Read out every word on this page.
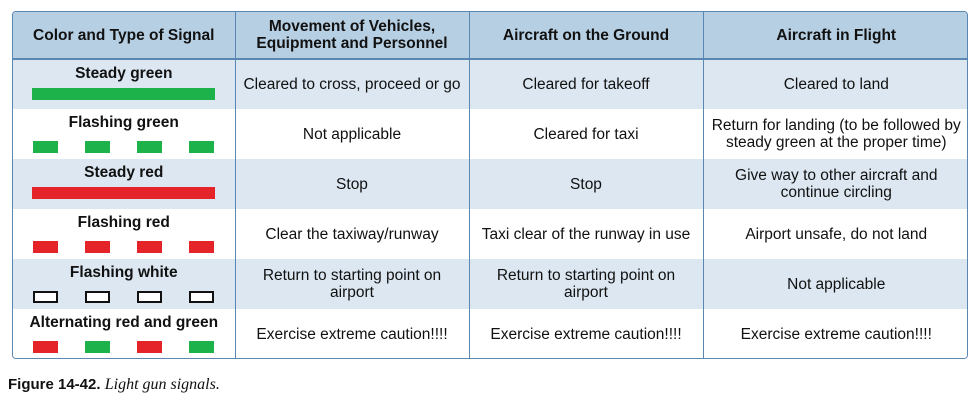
Color and Type of Signal	Movement of Vehicles, Equipment and Personnel	Aircraft on the Ground	Aircraft in Flight

Steady green	Cleared to cross, proceed or go	Cleared for takeoff	Cleared to land

Flashing green	Not applicable	Cleared for taxi	Return for landing (to be followed by steady green at the proper time)

Steady red	Stop	Stop	Give way to other aircraft and continue circling

Flashing red	Clear the taxiway/runway	Taxi clear of the runway in use	Airport unsafe, do not land

Flashing white	Return to starting point on airport	Return to starting point on airport	Not applicable

Alternating red and green	Exercise extreme caution!!!!	Exercise extreme caution!!!!	Exercise extreme caution!!!!
Figure 14-42. Light gun signals.
